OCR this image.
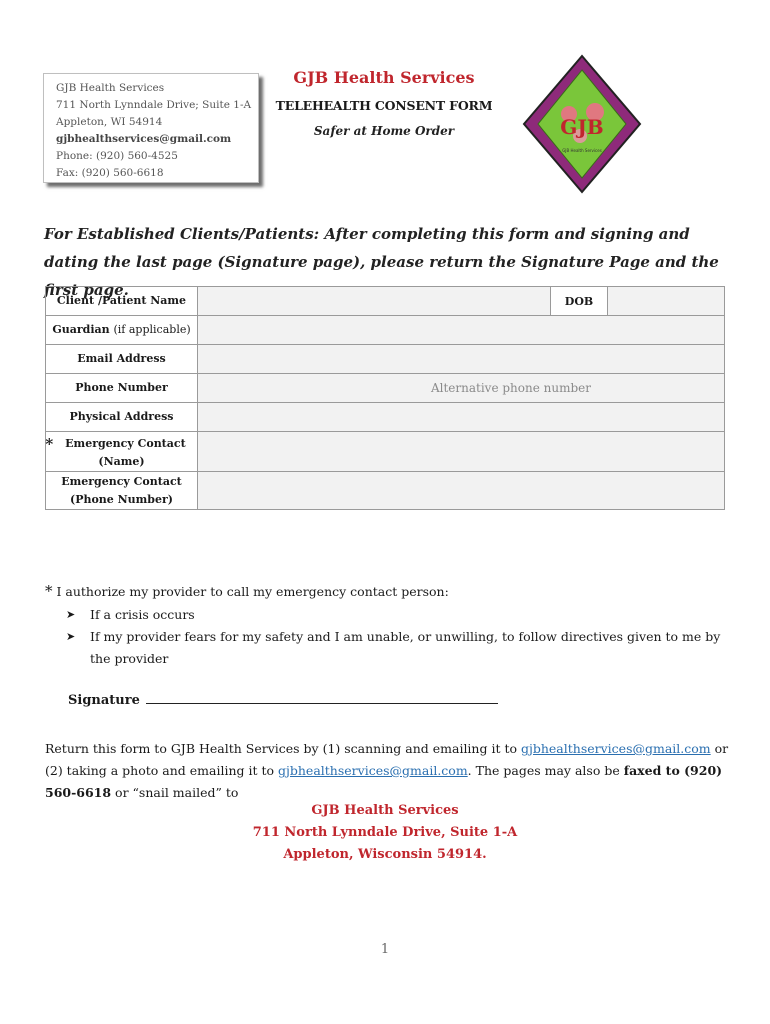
GJB Health Services
711 North Lynndale Drive; Suite 1-A
Appleton, WI 54914
gjbhealthservices@gmail.com
Phone: (920) 560-4525
Fax: (920) 560-6618
GJB Health Services
TELEHEALTH CONSENT FORM
Safer at Home Order	GJB
GJB Health Services
For Established Clients/Patients: After completing this form and signing and dating the last page (Signature page), please return the Signature Page and the first page.
Client /Patient Name	DOB
Guardian
(if applicable)
Email Address
Phone Number	Alternative phone number
Physical Address
* Emergency Contact
(Name)
Emergency Contact
(Phone Number)
* I authorize my provider to call my emergency contact person:
➤ If a crisis occurs
➤ If my provider fears for my safety and I am unable, or unwilling, to follow directives given to me by the provider
Signature
Return this form to GJB Health Services by (1) scanning and emailing it to gjbhealthservices@gmail.com or (2) taking a photo and emailing it to gjbhealthservices@gmail.com. The pages may also be faxed to (920) 560-6618 or “snail mailed” to
GJB Health Services
711 North Lynndale Drive, Suite 1-A
Appleton, Wisconsin 54914.
1
